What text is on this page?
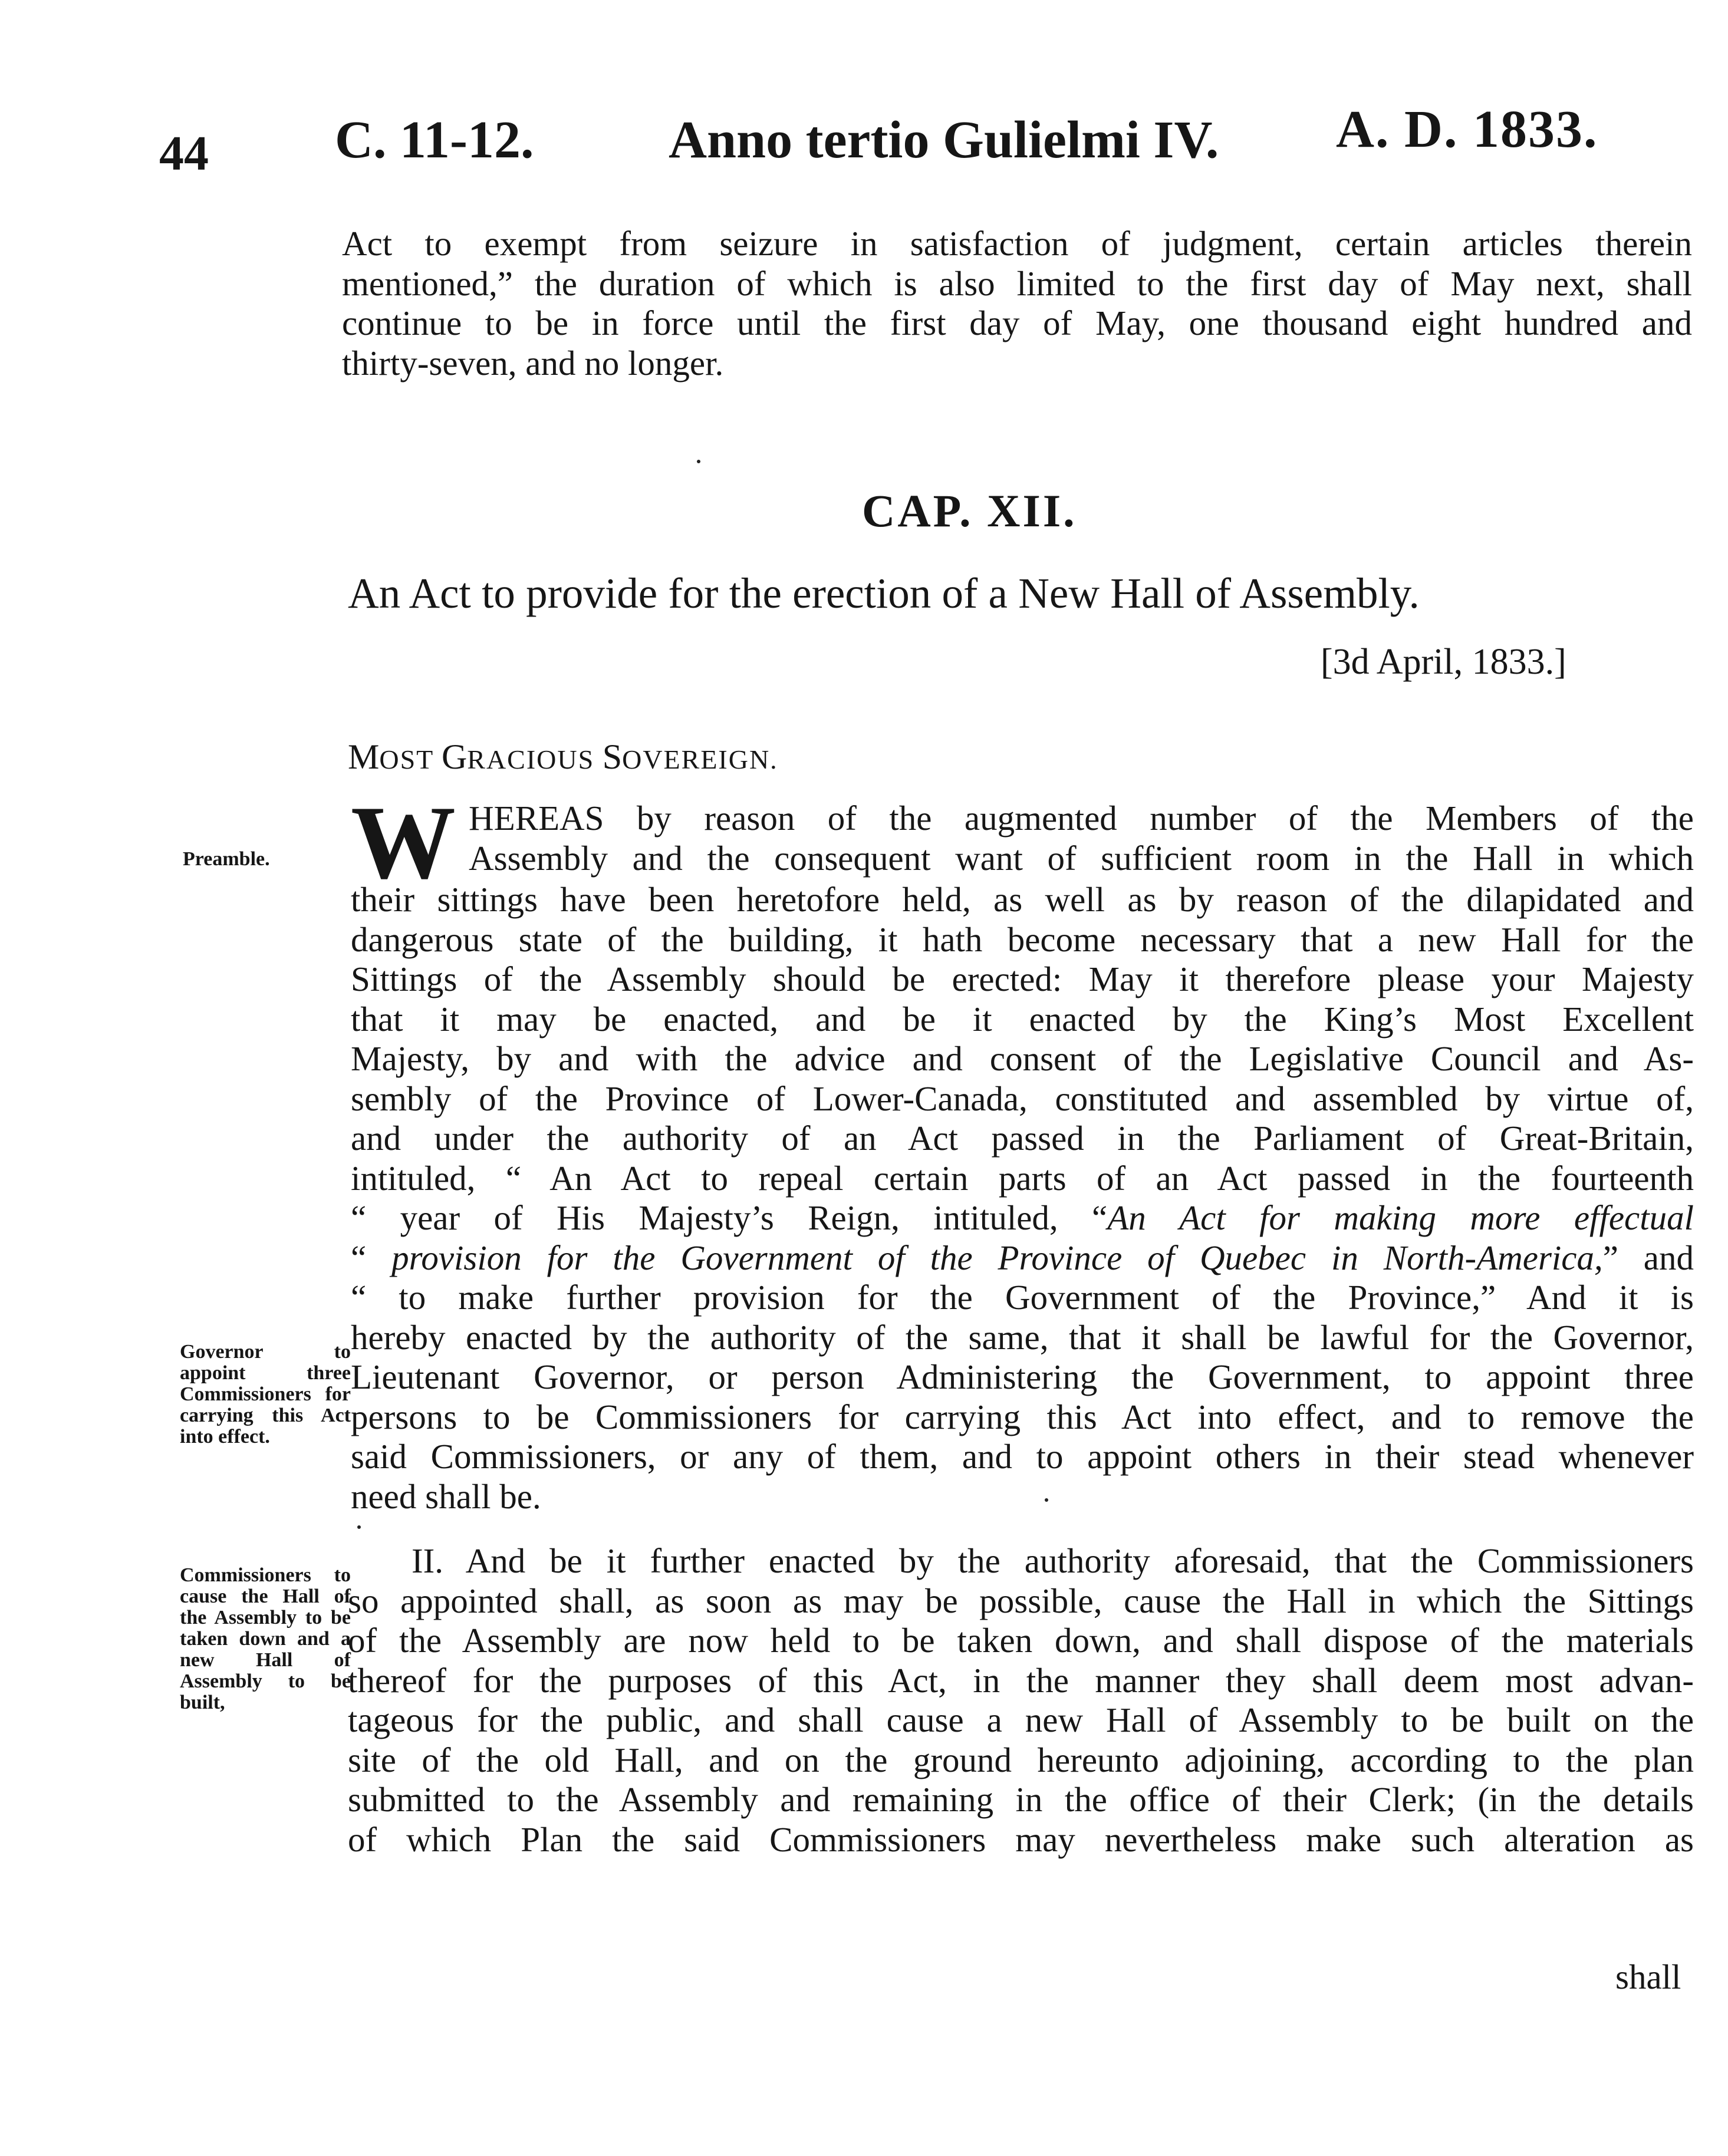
44 C. 11-12.	Anno tertio Gulielmi IV. A. D. 1833.
Act to exempt from seizure in satisfaction of judgment, certain articles therein
mentioned,” the duration of which is also limited to the first day of May next, shall
continue to be in force until the first day of May, one thousand eight hundred and
thirty-seven, and no longer.
CAP. XII.
An Act to provide for the erection of a New Hall of Assembly.
[3d April, 1833.]
MOST GRACIOUS SOVEREIGN.
Preamble.
Governor to appoint three Commissioners for carrying this Act into effect.
Commissioners to cause the Hall of the Assembly to be taken down and a new Hall of Assembly to be built,
W HEREAS by reason of the augmented number of the Members of the
Assembly and the consequent want of sufficient room in the Hall in which
their sittings have been heretofore held, as well as by reason of the dilapidated and
dangerous state of the building, it hath become necessary that a new Hall for the
Sittings of the Assembly should be erected: May it therefore please your Majesty
that it may be enacted, and be it enacted by the King’s Most Excellent
Majesty, by and with the advice and consent of the Legislative Council and As-
sembly of the Province of Lower-Canada, constituted and assembled by virtue of,
and under the authority of an Act passed in the Parliament of Great-Britain,
intituled, “ An Act to repeal certain parts of an Act passed in the fourteenth
“ year of His Majesty’s Reign, intituled, “An Act for making more effectual
“ provision for the Government of the Province of Quebec in North-America,” and
“ to make further provision for the Government of the Province,” And it is
hereby enacted by the authority of the same, that it shall be lawful for the Governor,
Lieutenant Governor, or person Administering the Government, to appoint three
persons to be Commissioners for carrying this Act into effect, and to remove the
said Commissioners, or any of them, and to appoint others in their stead whenever
need shall be.
II. And be it further enacted by the authority aforesaid, that the Commissioners
so appointed shall, as soon as may be possible, cause the Hall in which the Sittings
of the Assembly are now held to be taken down, and shall dispose of the materials
thereof for the purposes of this Act, in the manner they shall deem most advan-
tageous for the public, and shall cause a new Hall of Assembly to be built on the
site of the old Hall, and on the ground hereunto adjoining, according to the plan
submitted to the Assembly and remaining in the office of their Clerk; (in the details
of which Plan the said Commissioners may nevertheless make such alteration as
shall
